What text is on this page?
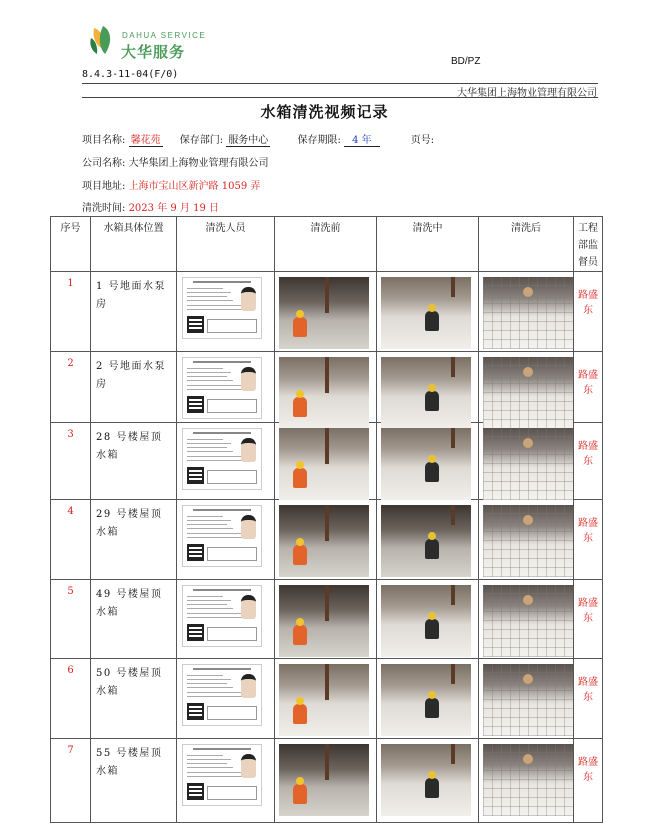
DAHUA SERVICE
大华服务
BD/PZ
8.4.3-11-04(F/0)
大华集团上海物业管理有限公司
水箱清洗视频记录
项目名称: 馨花苑 保存部门: 服务中心	保存期限: 4 年	页号:
公司名称: 大华集团上海物业管理有限公司
项目地址: 上海市宝山区新沪路 1059 弄
清洗时间: 2023 年 9 月 19 日
序号	水箱具体位置	清洗人员	清洗前	清洗中	清洗后	工程部监督员
1	1 号地面水泵房					路盛东
2	2 号地面水泵房					路盛东
3	28 号楼屋顶水箱					路盛东
4	29 号楼屋顶水箱					路盛东
5	49 号楼屋顶水箱					路盛东
6	50 号楼屋顶水箱					路盛东
7	55 号楼屋顶水箱					路盛东
